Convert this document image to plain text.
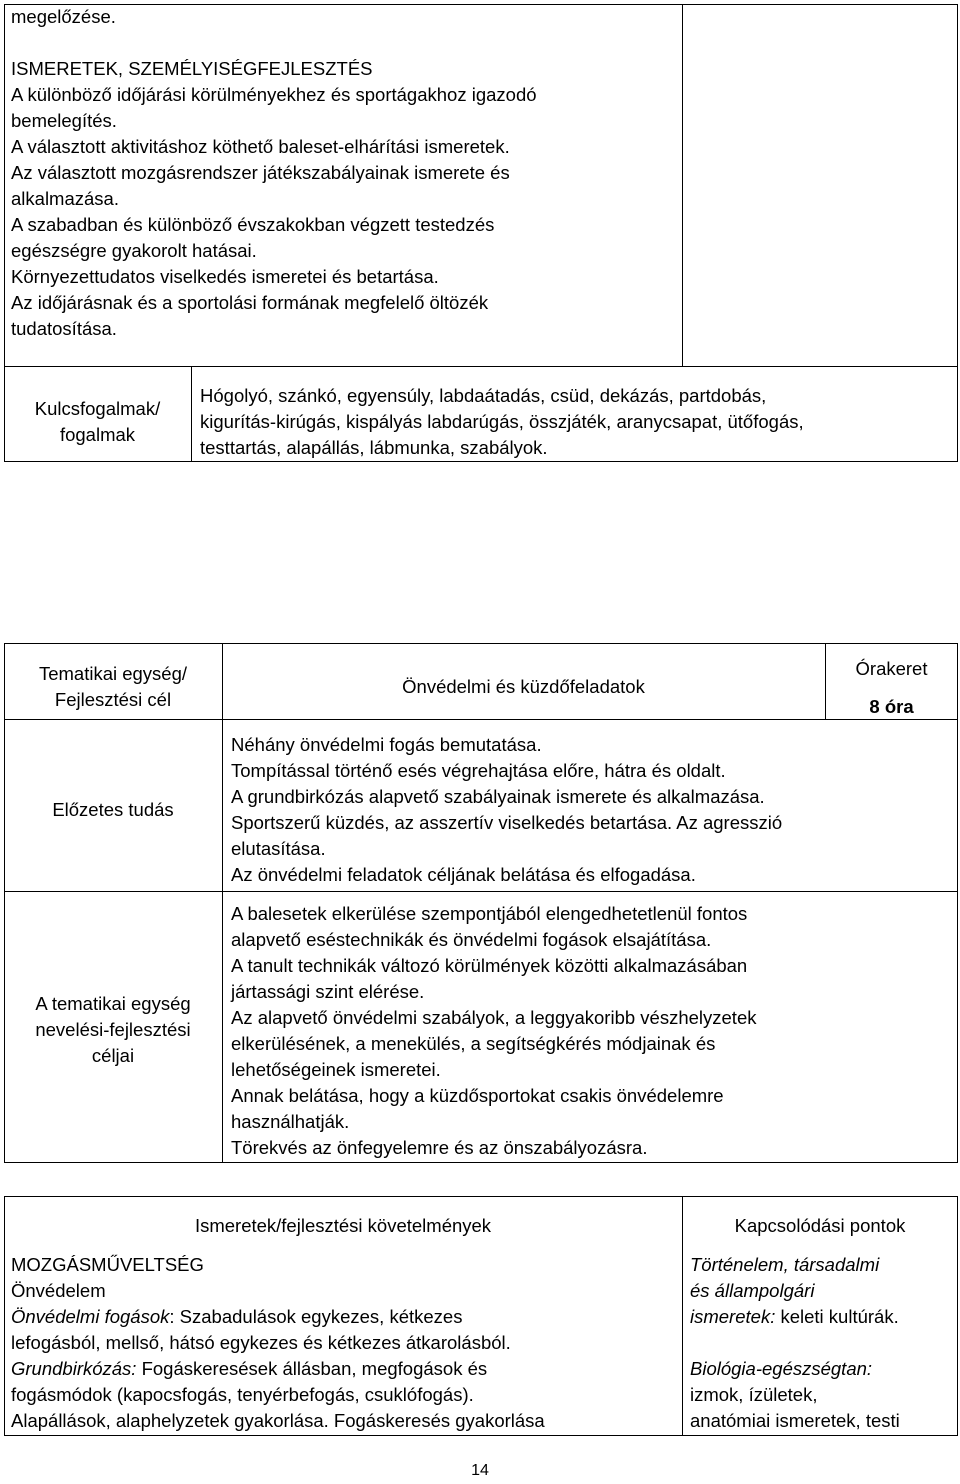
megelőzése.
ISMERETEK, SZEMÉLYISÉGFEJLESZTÉS
A különböző időjárási körülményekhez és sportágakhoz igazodó
bemelegítés.
A választott aktivitáshoz köthető baleset-elhárítási ismeretek.
Az választott mozgásrendszer játékszabályainak ismerete és
alkalmazása.
A szabadban és különböző évszakokban végzett testedzés
egészségre gyakorolt hatásai.
Környezettudatos viselkedés ismeretei és betartása.
Az időjárásnak és a sportolási formának megfelelő öltözék
tudatosítása.
Kulcsfogalmak/
fogalmak
Hógolyó, szánkó, egyensúly, labdaátadás, csüd, dekázás, partdobás,
kigurítás-kirúgás, kispályás labdarúgás, összjáték, aranycsapat, ütőfogás,
testtartás, alapállás, lábmunka, szabályok.
Tematikai egység/
Fejlesztési cél
Önvédelmi és küzdőfeladatok
Órakeret
8 óra
Előzetes tudás
Néhány önvédelmi fogás bemutatása.
Tompítással történő esés végrehajtása előre, hátra és oldalt.
A grundbirkózás alapvető szabályainak ismerete és alkalmazása.
Sportszerű küzdés, az asszertív viselkedés betartása. Az agresszió
elutasítása.
Az önvédelmi feladatok céljának belátása és elfogadása.
A tematikai egység
nevelési-fejlesztési
céljai
A balesetek elkerülése szempontjából elengedhetetlenül fontos
alapvető eséstechnikák és önvédelmi fogások elsajátítása.
A tanult technikák változó körülmények közötti alkalmazásában
jártassági szint elérése.
Az alapvető önvédelmi szabályok, a leggyakoribb vészhelyzetek
elkerülésének, a menekülés, a segítségkérés módjainak és
lehetőségeinek ismeretei.
Annak belátása, hogy a küzdősportokat csakis önvédelemre
használhatják.
Törekvés az önfegyelemre és az önszabályozásra.
Ismeretek/fejlesztési követelmények	Kapcsolódási pontok
MOZGÁSMŰVELTSÉG
Önvédelem
Önvédelmi fogások: Szabadulások egykezes, kétkezes
lefogásból, mellső, hátsó egykezes és kétkezes átkarolásból.
Grundbirkózás: Fogáskeresések állásban, megfogások és
fogásmódok (kapocsfogás, tenyérbefogás, csuklófogás).
Alapállások, alaphelyzetek gyakorlása. Fogáskeresés gyakorlása
Történelem, társadalmi
és állampolgári
ismeretek: keleti kultúrák.
Biológia-egészségtan:
izmok, ízületek,
anatómiai ismeretek, testi
14
